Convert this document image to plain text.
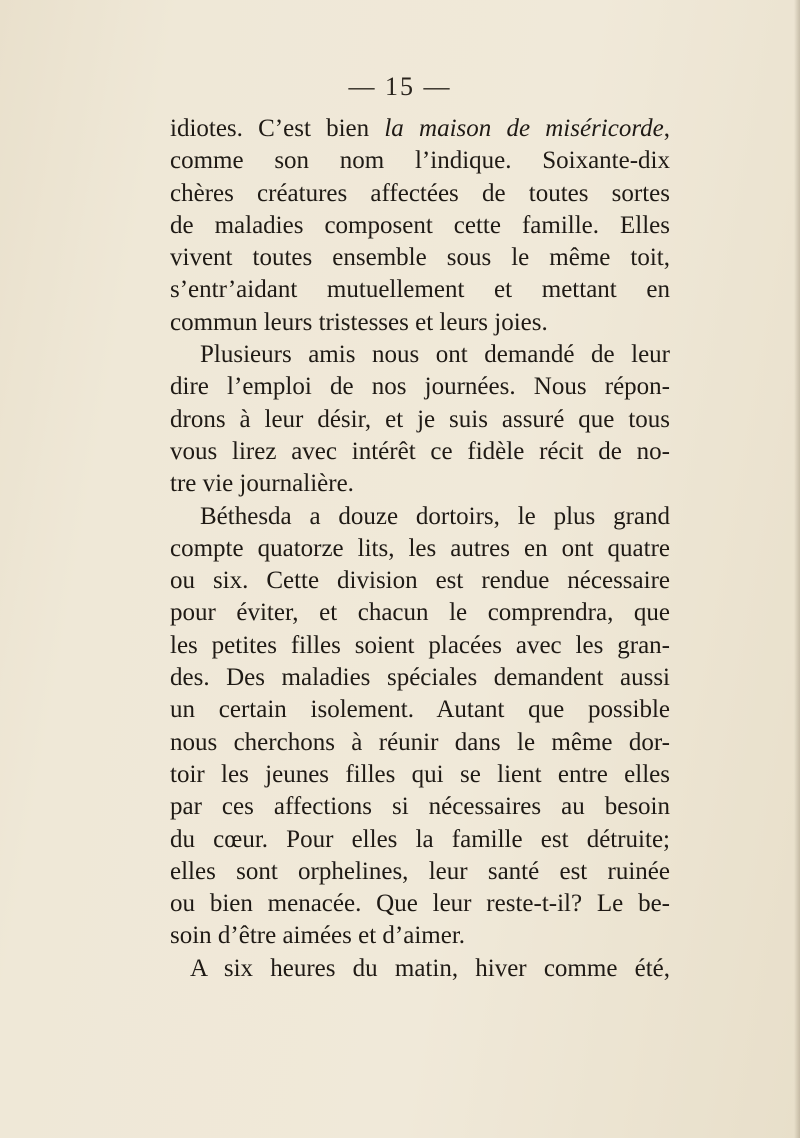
— 15 —
idiotes. C’est bien la maison de miséricorde,
comme son nom l’indique. Soixante-dix
chères créatures affectées de toutes sortes
de maladies composent cette famille. Elles
vivent toutes ensemble sous le même toit,
s’entr’aidant mutuellement et mettant en
commun leurs tristesses et leurs joies.
Plusieurs amis nous ont demandé de leur
dire l’emploi de nos journées. Nous répon-
drons à leur désir, et je suis assuré que tous
vous lirez avec intérêt ce fidèle récit de no-
tre vie journalière.
Béthesda a douze dortoirs, le plus grand
compte quatorze lits, les autres en ont quatre
ou six. Cette division est rendue nécessaire
pour éviter, et chacun le comprendra, que
les petites filles soient placées avec les gran-
des. Des maladies spéciales demandent aussi
un certain isolement. Autant que possible
nous cherchons à réunir dans le même dor-
toir les jeunes filles qui se lient entre elles
par ces affections si nécessaires au besoin
du cœur. Pour elles la famille est détruite;
elles sont orphelines, leur santé est ruinée
ou bien menacée. Que leur reste-t-il? Le be-
soin d’être aimées et d’aimer.
A six heures du matin, hiver comme été,
